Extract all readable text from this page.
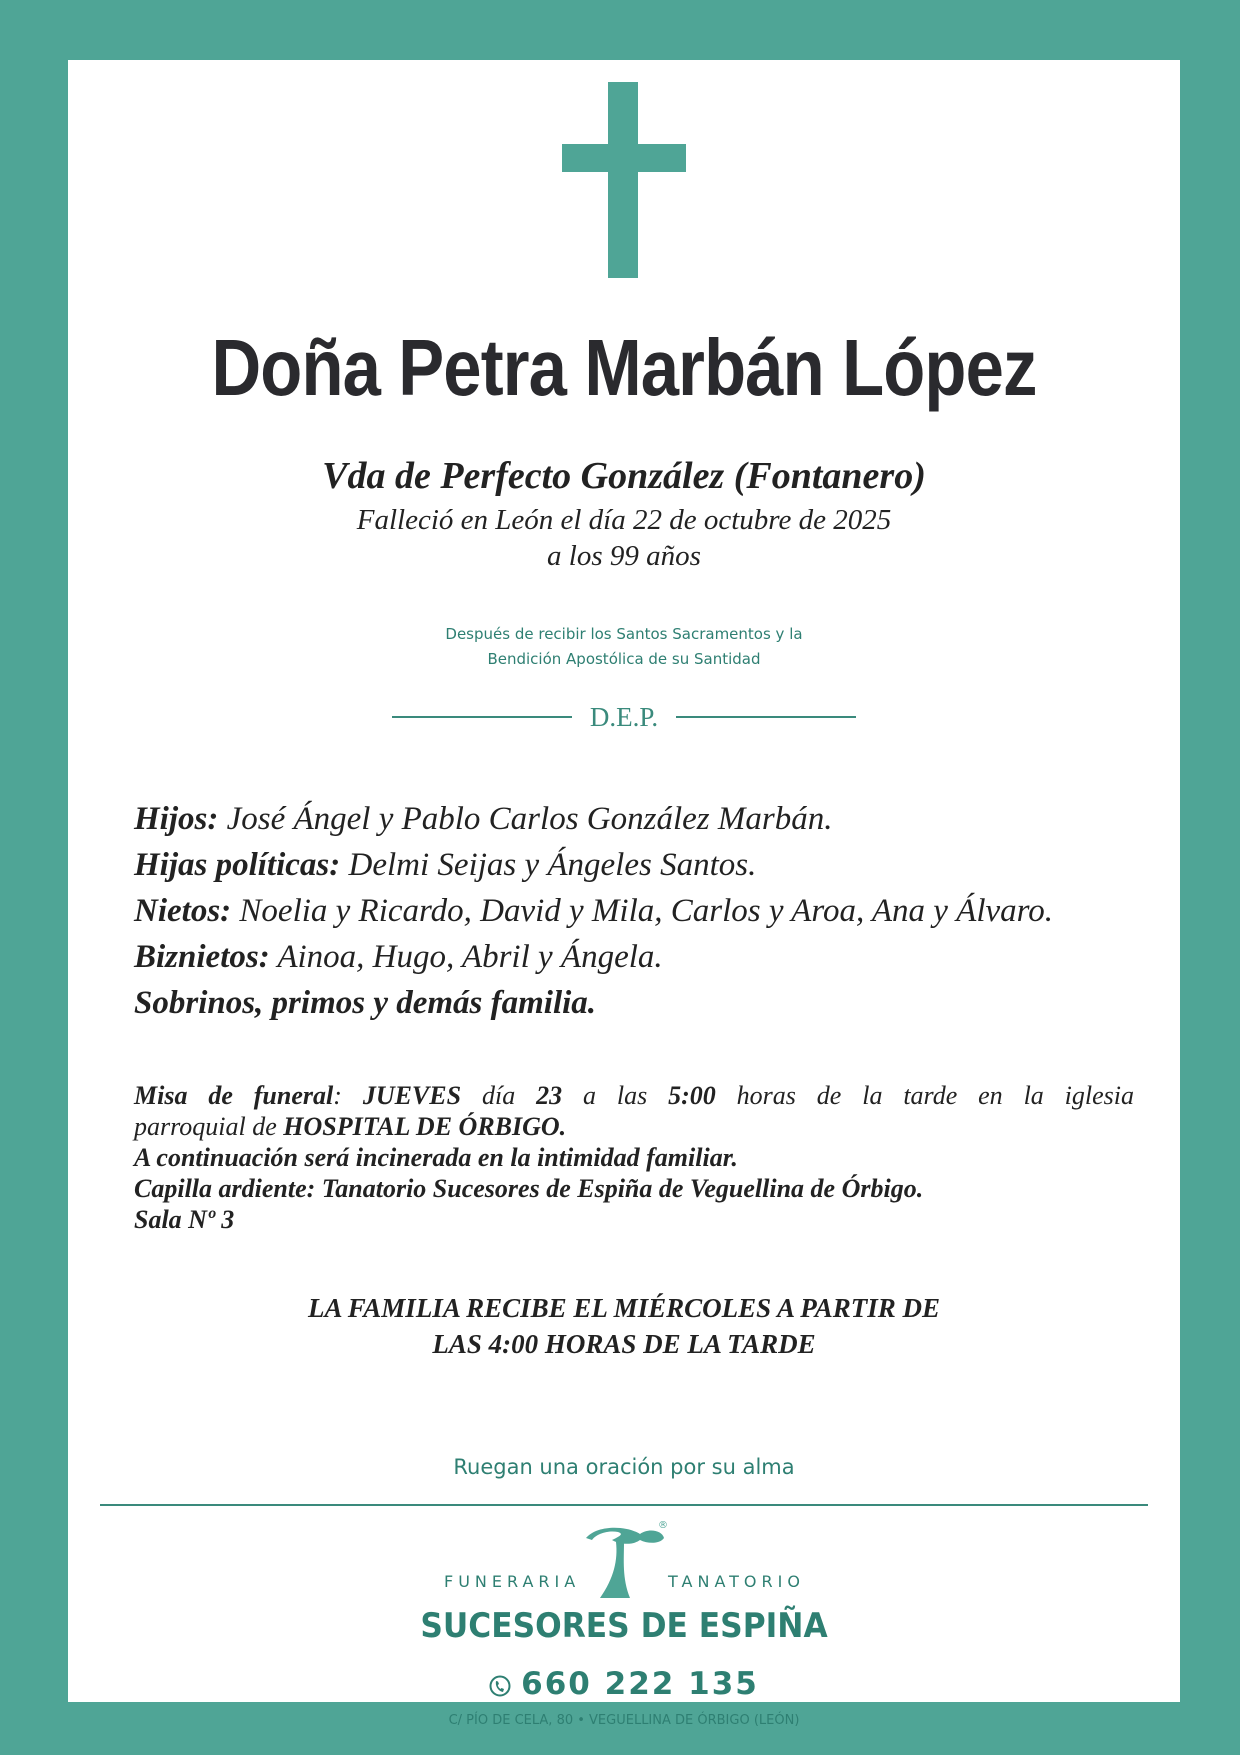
Doña Petra Marbán López
Vda de Perfecto González (Fontanero)
Falleció en León el día 22 de octubre de 2025
a los 99 años
Después de recibir los Santos Sacramentos y la
Bendición Apostólica de su Santidad
D.E.P.
Hijos: José Ángel y Pablo Carlos González Marbán.
Hijas políticas: Delmi Seijas y Ángeles Santos.
Nietos: Noelia y Ricardo, David y Mila, Carlos y Aroa, Ana y Álvaro.
Biznietos: Ainoa, Hugo, Abril y Ángela.
Sobrinos, primos y demás familia.
Misa de funeral: JUEVES día 23 a las 5:00 horas de la tarde en la iglesia
parroquial de HOSPITAL DE ÓRBIGO.
A continuación será incinerada en la intimidad familiar.
Capilla ardiente: Tanatorio Sucesores de Espiña de Veguellina de Órbigo.
Sala Nº 3
LA FAMILIA RECIBE EL MIÉRCOLES A PARTIR DE
LAS 4:00 HORAS DE LA TARDE
Ruegan una oración por su alma
®
FUNERARIA	TANATORIO
SUCESORES DE ESPIÑA
660 222 135
C/ PÍO DE CELA, 80 • VEGUELLINA DE ÓRBIGO (LEÓN)
